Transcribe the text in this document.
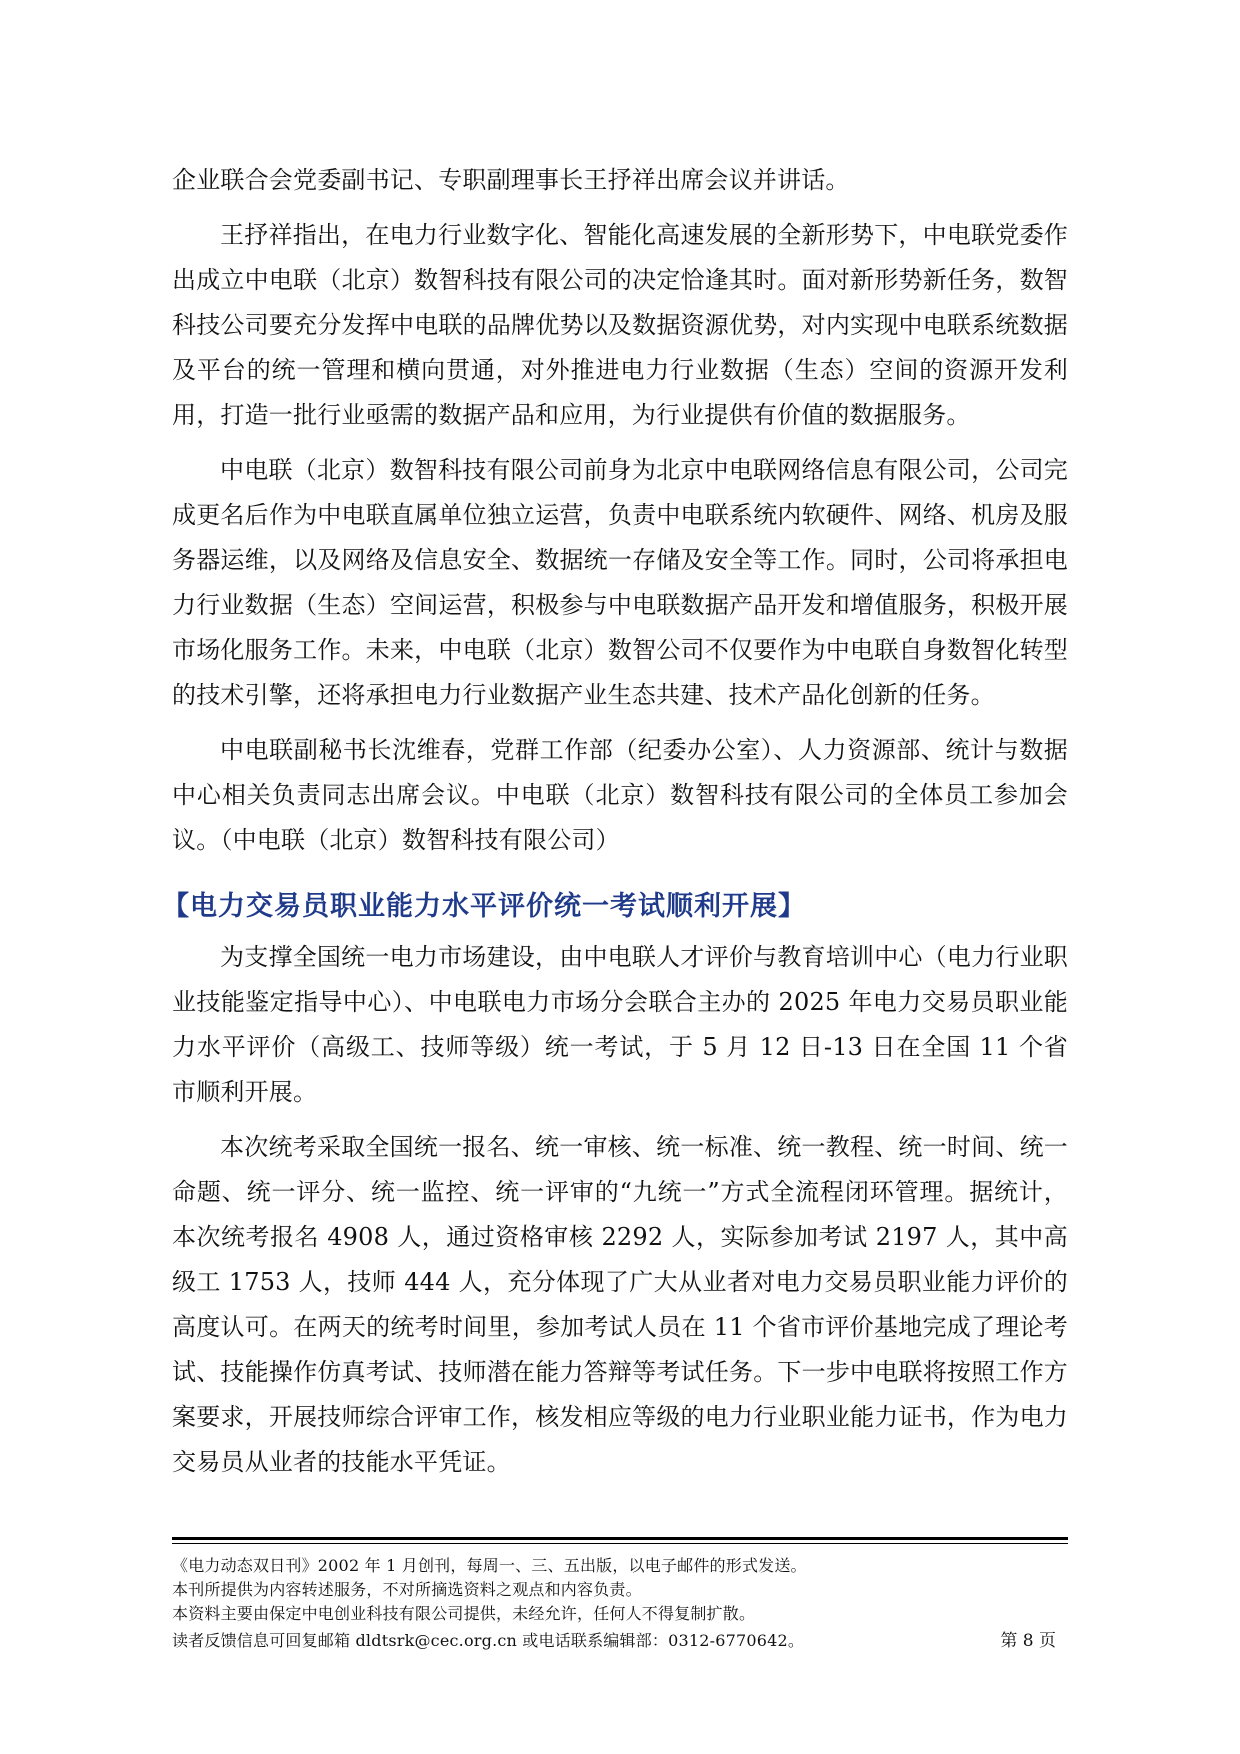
企业联合会党委副书记、专职副理事长王抒祥出席会议并讲话。

王抒祥指出，在电力行业数字化、智能化高速发展的全新形势下，中电联党委作出成立中电联（北京）数智科技有限公司的决定恰逢其时。面对新形势新任务，数智科技公司要充分发挥中电联的品牌优势以及数据资源优势，对内实现中电联系统数据及平台的统一管理和横向贯通，对外推进电力行业数据（生态）空间的资源开发利用，打造一批行业亟需的数据产品和应用，为行业提供有价值的数据服务。

中电联（北京）数智科技有限公司前身为北京中电联网络信息有限公司，公司完成更名后作为中电联直属单位独立运营，负责中电联系统内软硬件、网络、机房及服务器运维，以及网络及信息安全、数据统一存储及安全等工作。同时，公司将承担电力行业数据（生态）空间运营，积极参与中电联数据产品开发和增值服务，积极开展市场化服务工作。未来，中电联（北京）数智公司不仅要作为中电联自身数智化转型的技术引擎，还将承担电力行业数据产业生态共建、技术产品化创新的任务。

中电联副秘书长沈维春，党群工作部（纪委办公室）、人力资源部、统计与数据中心相关负责同志出席会议。中电联（北京）数智科技有限公司的全体员工参加会议。（中电联（北京）数智科技有限公司）

【电力交易员职业能力水平评价统一考试顺利开展】

为支撑全国统一电力市场建设，由中电联人才评价与教育培训中心（电力行业职业技能鉴定指导中心）、中电联电力市场分会联合主办的 2025 年电力交易员职业能力水平评价（高级工、技师等级）统一考试，于 5 月 12 日-13 日在全国 11 个省市顺利开展。

本次统考采取全国统一报名、统一审核、统一标准、统一教程、统一时间、统一命题、统一评分、统一监控、统一评审的“九统一”方式全流程闭环管理。据统计，本次统考报名 4908 人，通过资格审核 2292 人，实际参加考试 2197 人，其中高级工 1753 人，技师 444 人，充分体现了广大从业者对电力交易员职业能力评价的高度认可。在两天的统考时间里，参加考试人员在 11 个省市评价基地完成了理论考试、技能操作仿真考试、技师潜在能力答辩等考试任务。下一步中电联将按照工作方案要求，开展技师综合评审工作，核发相应等级的电力行业职业能力证书，作为电力交易员从业者的技能水平凭证。

《电力动态双日刊》2002 年 1 月创刊，每周一、三、五出版，以电子邮件的形式发送。

本刊所提供为内容转述服务，不对所摘选资料之观点和内容负责。

本资料主要由保定中电创业科技有限公司提供，未经允许，任何人不得复制扩散。

读者反馈信息可回复邮箱 dldtsrk@cec.org.cn 或电话联系编辑部：0312-6770642。	第 8 页
